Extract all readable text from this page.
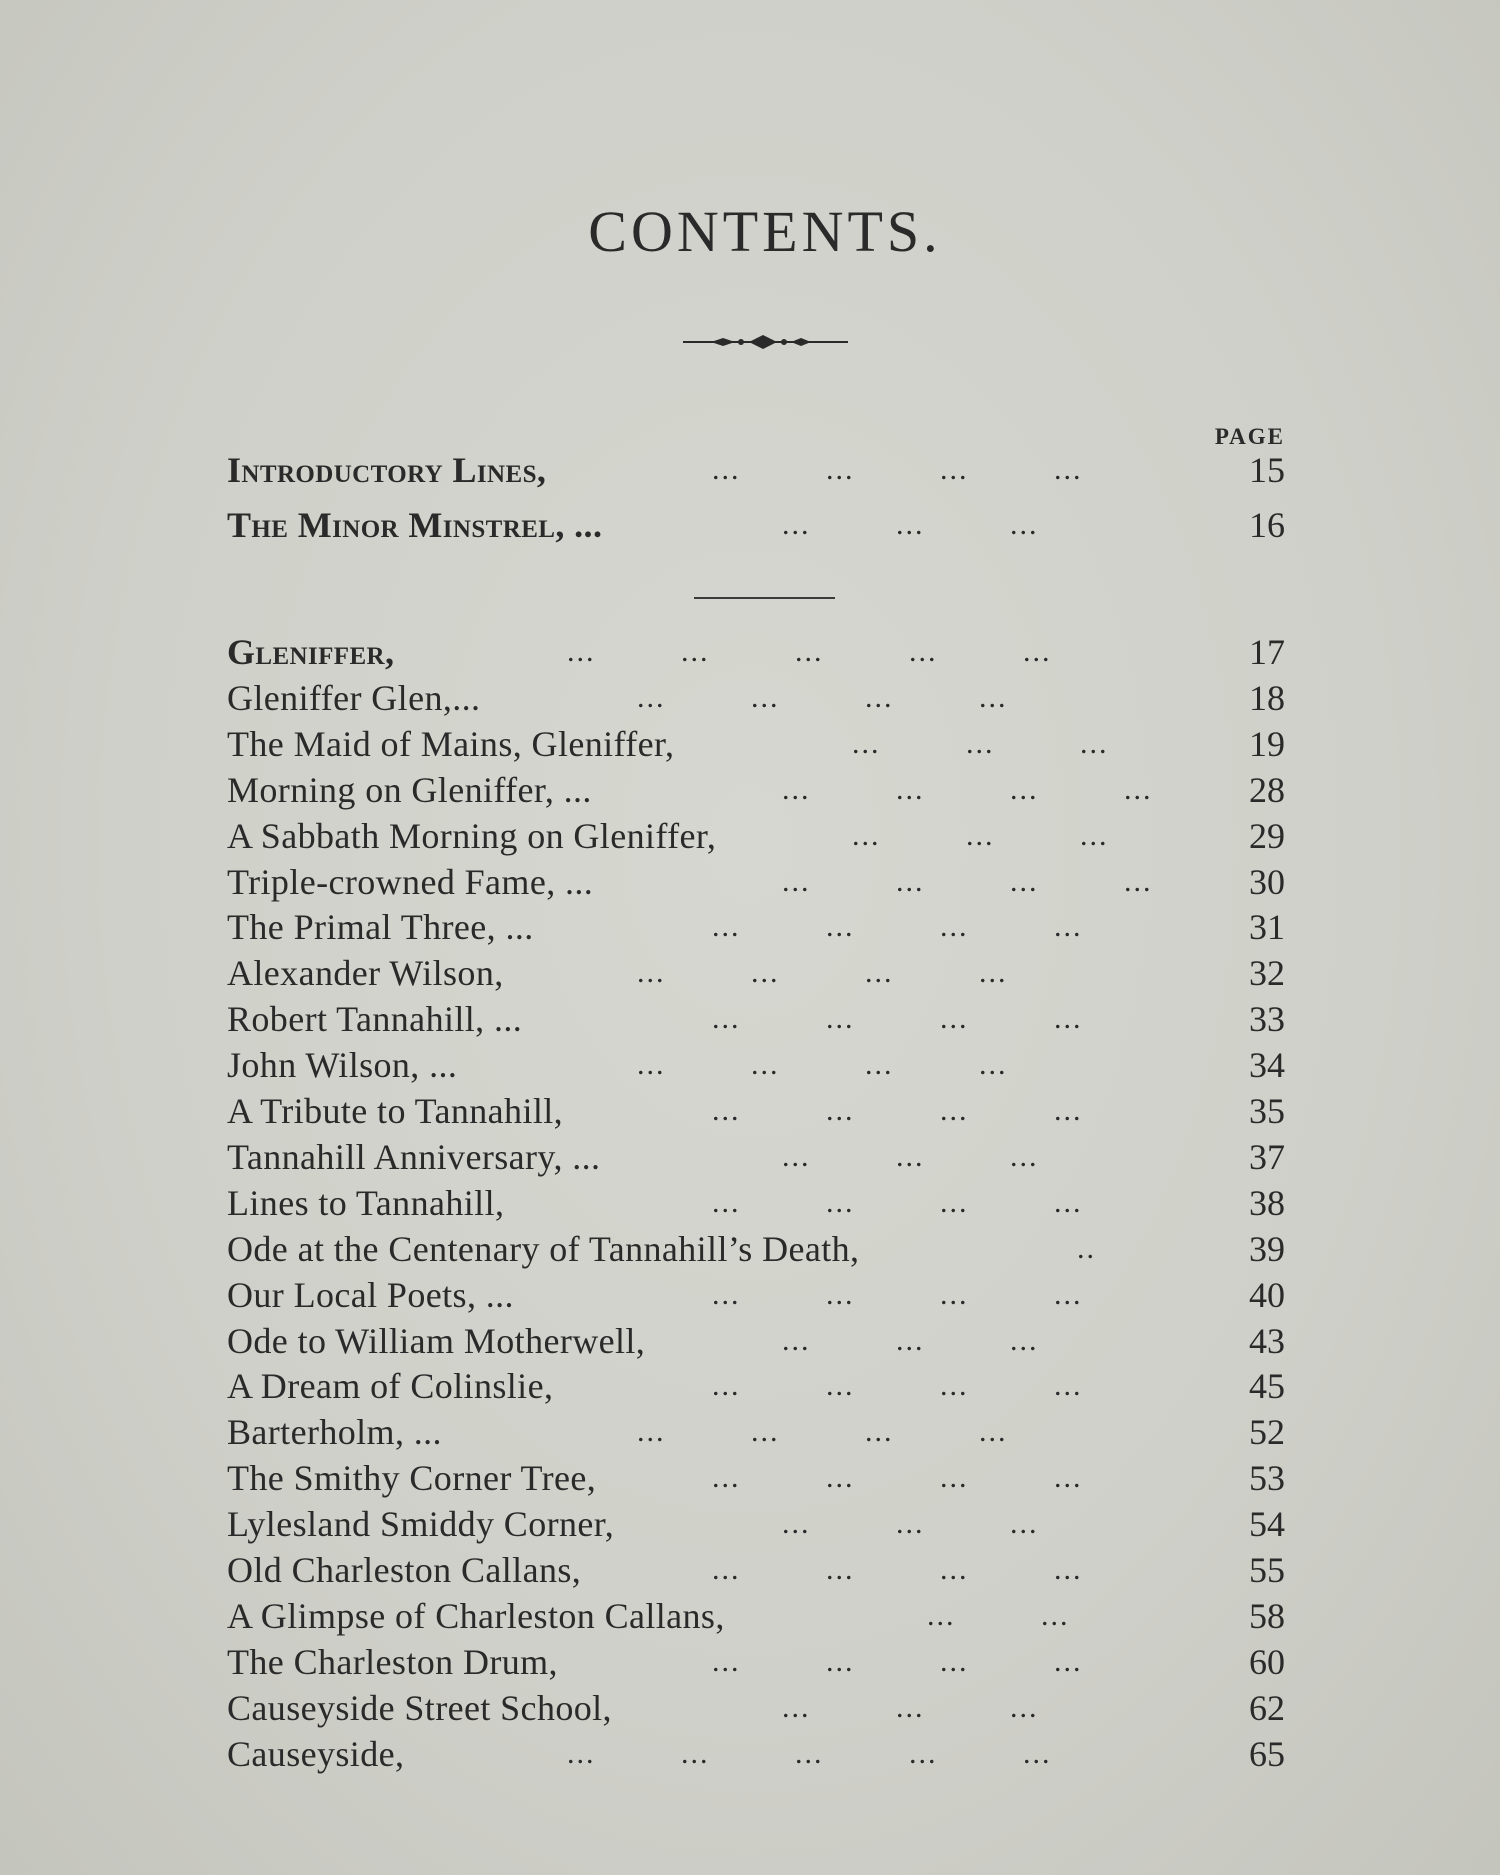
CONTENTS.
PAGE
Introductory Lines,	...         ...         ...         ...	15
The Minor Minstrel, ...	...         ...         ...	16
Gleniffer,	...         ...         ...         ...         ...	17
Gleniffer Glen,...	...         ...         ...         ...	18
The Maid of Mains, Gleniffer,	...         ...         ...	19
Morning on Gleniffer, ...	...         ...         ...         ...	28
A Sabbath Morning on Gleniffer,	...         ...         ...	29
Triple-crowned Fame, ...	...         ...         ...         ...	30
The Primal Three, ...	...         ...         ...         ...	31
Alexander Wilson,	...         ...         ...         ...	32
Robert Tannahill, ...	...         ...         ...         ...	33
John Wilson, ...	...         ...         ...         ...	34
A Tribute to Tannahill,	...         ...         ...         ...	35
Tannahill Anniversary, ...	...         ...         ...	37
Lines to Tannahill,	...         ...         ...         ...	38
Ode at the Centenary of Tannahill’s Death,	..	39
Our Local Poets, ...	...         ...         ...         ...	40
Ode to William Motherwell,	...         ...         ...	43
A Dream of Colinslie,	...         ...         ...         ...	45
Barterholm, ...	...         ...         ...         ...	52
The Smithy Corner Tree,	...         ...         ...         ...	53
Lylesland Smiddy Corner,	...         ...         ...	54
Old Charleston Callans,	...         ...         ...         ...	55
A Glimpse of Charleston Callans,	...         ...	58
The Charleston Drum,	...         ...         ...         ...	60
Causeyside Street School,	...         ...         ...	62
Causeyside,	...         ...         ...         ...         ...	65
